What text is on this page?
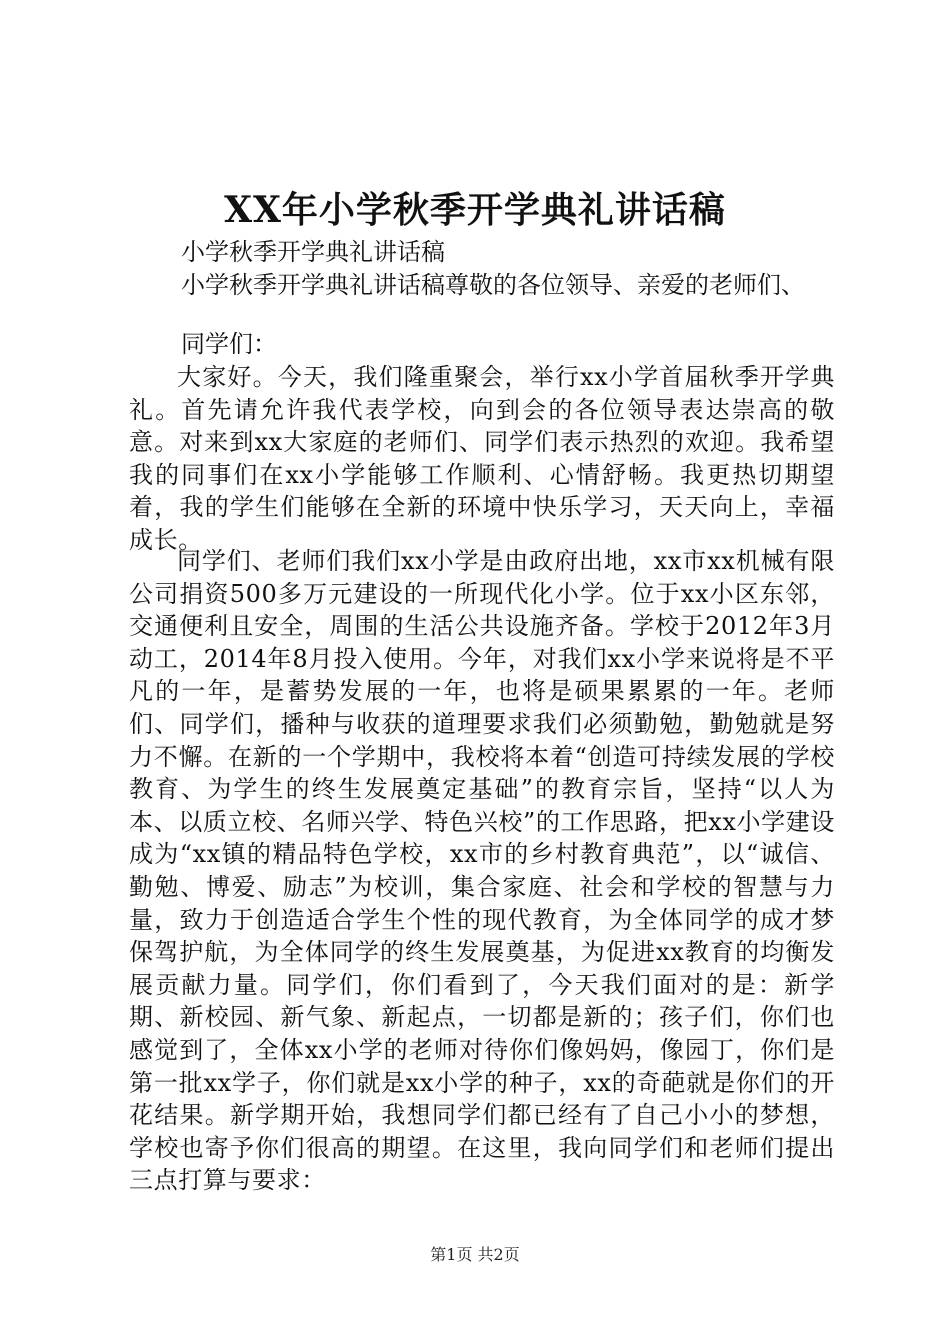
XX年小学秋季开学典礼讲话稿
小学秋季开学典礼讲话稿
小学秋季开学典礼讲话稿尊敬的各位领导、亲爱的老师们、
同学们：

大家好。今天，我们隆重聚会，举行xx小学首届秋季开学典礼。首先请允许我代表学校，向到会的各位领导表达崇高的敬意。对来到xx大家庭的老师们、同学们表示热烈的欢迎。我希望我的同事们在xx小学能够工作顺利、心情舒畅。我更热切期望着，我的学生们能够在全新的环境中快乐学习，天天向上，幸福成长。

同学们、老师们我们xx小学是由政府出地，xx市xx机械有限公司捐资500多万元建设的一所现代化小学。位于xx小区东邻，交通便利且安全，周围的生活公共设施齐备。学校于2012年3月动工，2014年8月投入使用。今年，对我们xx小学来说将是不平凡的一年，是蓄势发展的一年，也将是硕果累累的一年。老师们、同学们，播种与收获的道理要求我们必须勤勉，勤勉就是努力不懈。在新的一个学期中，我校将本着“创造可持续发展的学校教育、为学生的终生发展奠定基础”的教育宗旨，坚持“以人为本、以质立校、名师兴学、特色兴校”的工作思路，把xx小学建设成为“xx镇的精品特色学校，xx市的乡村教育典范”，以“诚信、勤勉、博爱、励志”为校训，集合家庭、社会和学校的智慧与力量，致力于创造适合学生个性的现代教育，为全体同学的成才梦保驾护航，为全体同学的终生发展奠基，为促进xx教育的均衡发展贡献力量。同学们，你们看到了，今天我们面对的是：新学期、新校园、新气象、新起点，一切都是新的；孩子们，你们也感觉到了，全体xx小学的老师对待你们像妈妈，像园丁，你们是第一批xx学子，你们就是xx小学的种子，xx的奇葩就是你们的开花结果。新学期开始，我想同学们都已经有了自己小小的梦想，学校也寄予你们很高的期望。在这里，我向同学们和老师们提出三点打算与要求：

第1页 共2页
